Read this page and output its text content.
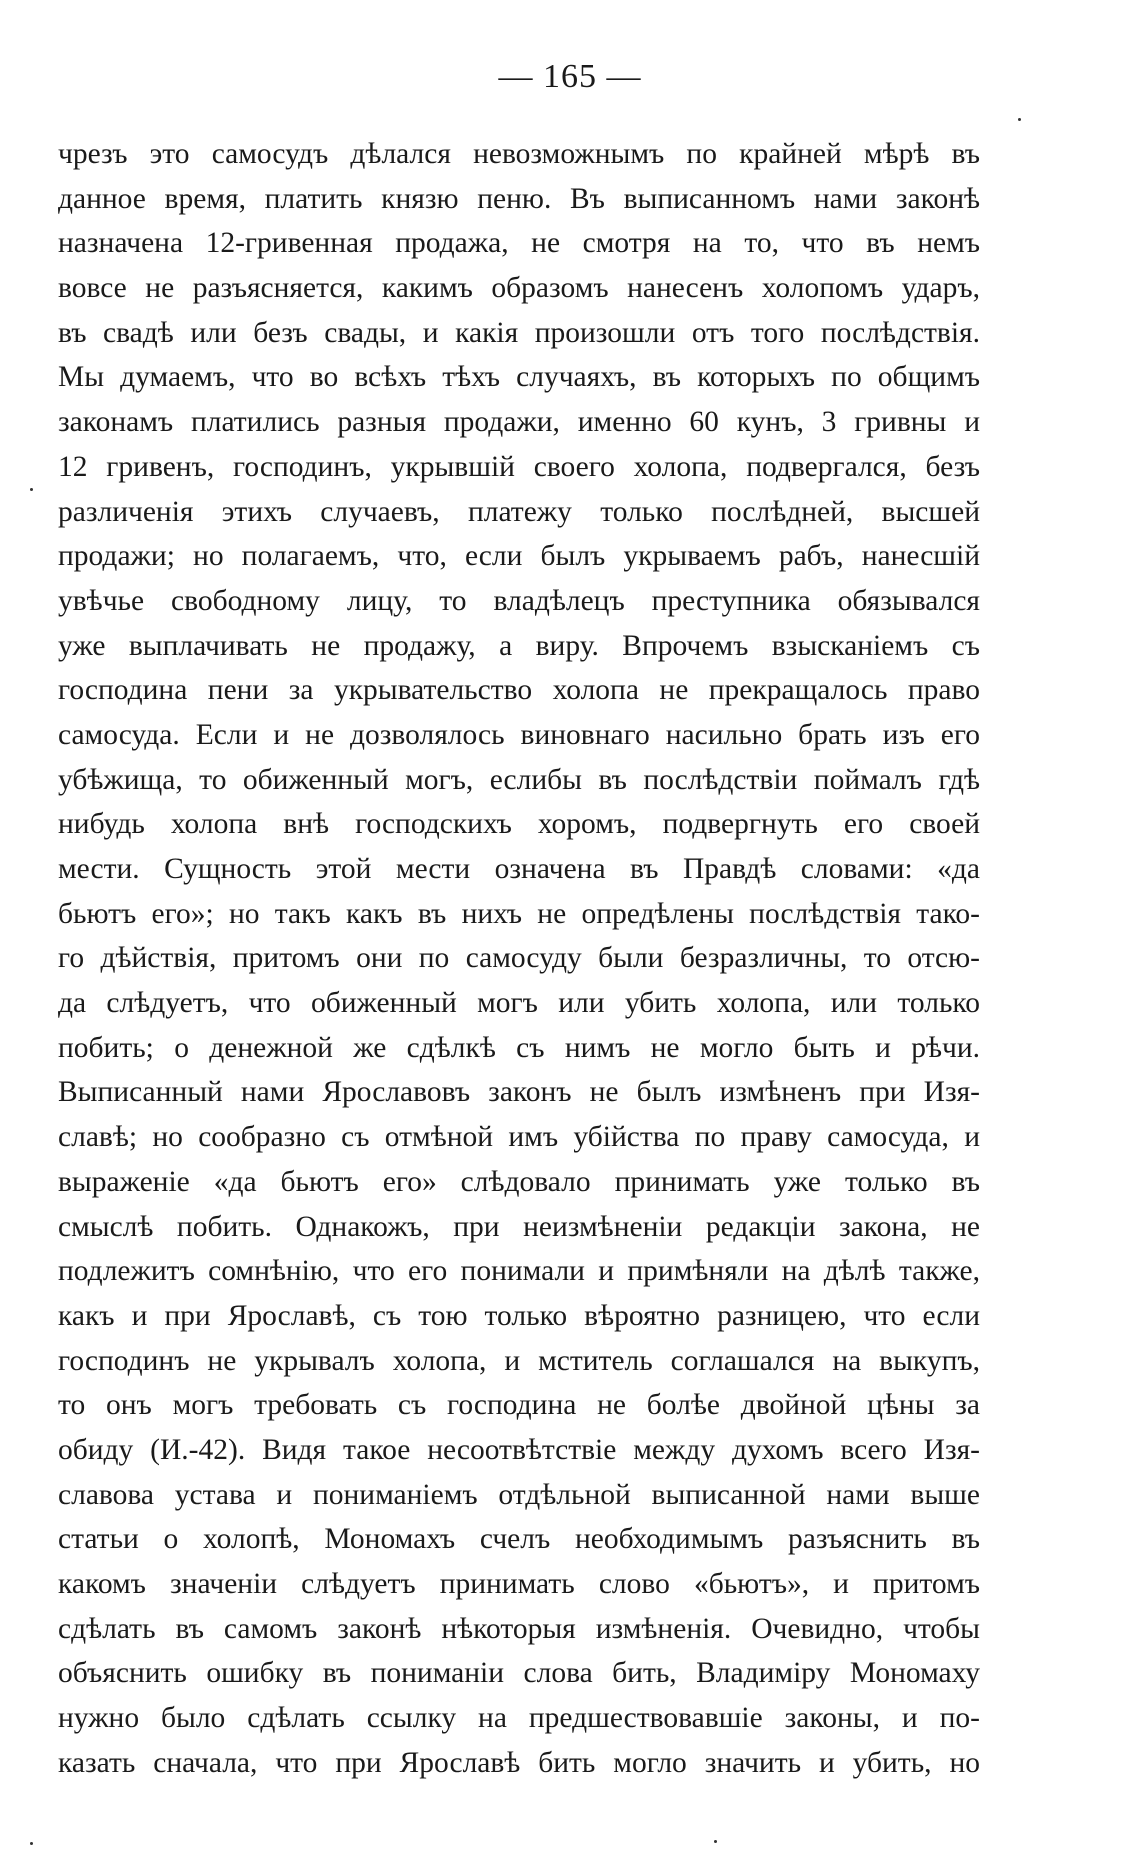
— 165 —
чрезъ это самосудъ дѣлался невозможнымъ по крайней мѣрѣ въ
данное время, платить князю пеню. Въ выписанномъ нами законѣ
назначена 12-гривенная продажа, не смотря на то, что въ немъ
вовсе не разъясняется, какимъ образомъ нанесенъ холопомъ ударъ,
въ свадѣ или безъ свады, и какія произошли отъ того послѣдствія.
Мы думаемъ, что во всѣхъ тѣхъ случаяхъ, въ которыхъ по общимъ
законамъ платились разныя продажи, именно 60 кунъ, 3 гривны и
12 гривенъ, господинъ, укрывшій своего холопа, подвергался, безъ
различенія этихъ случаевъ, платежу только послѣдней, высшей
продажи; но полагаемъ, что, если былъ укрываемъ рабъ, нанесшій
увѣчье свободному лицу, то владѣлецъ преступника обязывался
уже выплачивать не продажу, а виру. Впрочемъ взысканіемъ съ
господина пени за укрывательство холопа не прекращалось право
самосуда. Если и не дозволялось виновнаго насильно брать изъ его
убѣжища, то обиженный могъ, еслибы въ послѣдствіи поймалъ гдѣ
нибудь холопа внѣ господскихъ хоромъ, подвергнуть его своей
мести. Сущность этой мести означена въ Правдѣ словами: «да
бьютъ его»; но такъ какъ въ нихъ не опредѣлены послѣдствія тако-
го дѣйствія, притомъ они по самосуду были безразличны, то отсю-
да слѣдуетъ, что обиженный могъ или убить холопа, или только
побить; о денежной же сдѣлкѣ съ нимъ не могло быть и рѣчи.
Выписанный нами Ярославовъ законъ не былъ измѣненъ при Изя-
славѣ; но сообразно съ отмѣной имъ убійства по праву самосуда, и
выраженіе «да бьютъ его» слѣдовало принимать уже только въ
смыслѣ побить. Однакожъ, при неизмѣненіи редакціи закона, не
подлежитъ сомнѣнію, что его понимали и примѣняли на дѣлѣ также,
какъ и при Ярославѣ, съ тою только вѣроятно разницею, что если
господинъ не укрывалъ холопа, и мститель соглашался на выкупъ,
то онъ могъ требовать съ господина не болѣе двойной цѣны за
обиду (И.-42). Видя такое несоотвѣтствіе между духомъ всего Изя-
славова устава и пониманіемъ отдѣльной выписанной нами выше
статьи о холопѣ, Мономахъ счелъ необходимымъ разъяснить въ
какомъ значеніи слѣдуетъ принимать слово «бьютъ», и притомъ
сдѣлать въ самомъ законѣ нѣкоторыя измѣненія. Очевидно, чтобы
объяснить ошибку въ пониманіи слова бить, Владиміру Мономаху
нужно было сдѣлать ссылку на предшествовавшіе законы, и по-
казать сначала, что при Ярославѣ бить могло значить и убить, но
